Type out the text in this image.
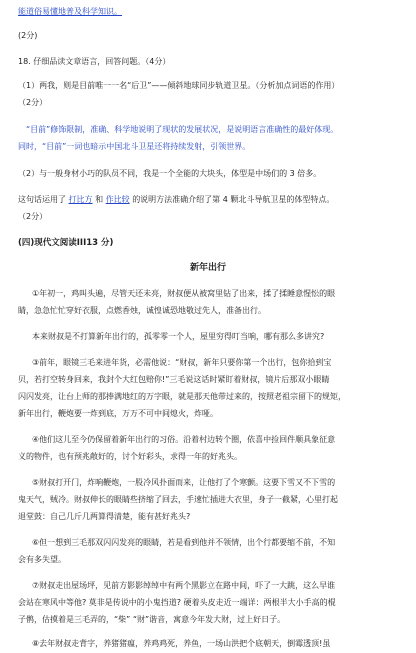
能道俗易懂地普及科学知识。
(2分)
18. 仔细品读文章语言，回答问题。（4分）
（1）两我，则是目前唯一一名“后卫”——倾斜地球同步轨道卫星。（分析加点词语的作用）
（2分）
“目前”修饰限制，准确、科学地说明了现状的发展状况，是说明语言准确性的最好体现。
同时，“目前”一词也暗示中国北斗卫星还将持续发射，引领世界。
（2）与一般身材小巧的队员不同，我是一个全能的大块头，体型是中场们的 3 倍多。
这句话运用了 打比方 和 作比较 的说明方法准确介绍了第 4 颗北斗导航卫星的体型特点。
（2分）
(四)现代文阅读III13 分)
新年出行
①年初一，鸡叫头遍，尽管天还未亮，财叔便从被窝里钻了出来，揉了揉睡意惺忪的眼
睛，急急忙忙穿好衣服，点燃香烛，诚惶诚恐地敬过先人，准备出行。
本来财叔是不打算新年出行的，孤零零一个人，屋里穷得叮当响，哪有那么多讲究?
③前年，眼镜三毛来进年货，必需他说：“财叔，新年只要你第一个出行，包你拾到宝
贝，若打空转身回来，我封个大红包赔你!”三毛说这话时紧盯着财叔，镜片后那双小眼睛
闪闪发亮，让台上师的那捧满地红的万字眼，就是那天他带过来的，按照老祖宗留下的规矩，
新年出行，鞭炮要一炸到底，万万不可中间熄火，炸哑。
④他们这儿至今仍保留着新年出行的习俗。沿着村边转个圈，依喜中捡回件顺具象征意
义的物件，也有预兆敞好的，讨个好彩头，求得一年的好兆头。
⑤财叔打开门，炸响鞭炮，一股冷风扑面而来，让他打了个寒颤。这要下雪又不下雪的
鬼天气，贼冷。财叔伸长的眼睛些挤缩了回去，手速忙插进大衣里，身子一截紧，心里打起
退堂鼓：自己几斤几两算得清楚，能有甚好兆头?
⑥但一想到三毛那双闪闪发亮的眼睛，若是看到他并不领情，出个行都要缩不前，不知
会有多失望。
⑦财叔走出屋场坪，见前方影影绰绰中有两个黑影立在路中间，吓了一大跳，这么早谁
会站在寒风中等他? 莫非是传说中的小鬼挡道? 硬着头皮走近一端详：两根半大小手高的棍
子鹘，估摸着是三毛弄的，“柴” “财”谐音，寓意今年发大财，过上好日子。
⑧去年财叔走背字，养猪猪瘟，养鸡鸡死，养鱼，一场山洪把个底朝天，倒霉透顶!虽
